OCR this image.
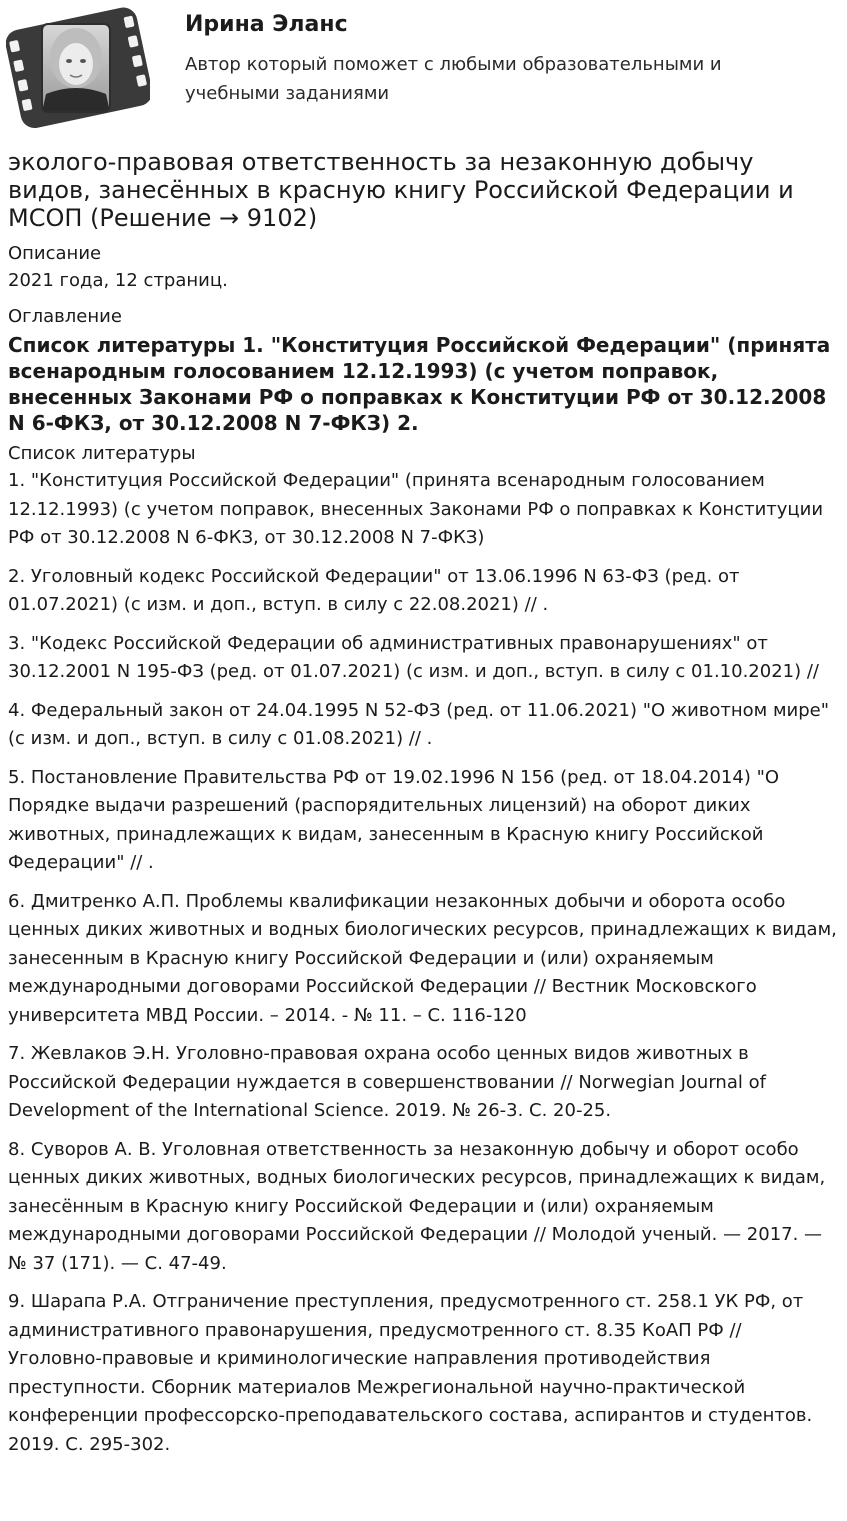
Ирина Эланс
Автор который поможет с любыми образовательными и учебными заданиями
эколого-правовая ответственность за незаконную добычу видов, занесённых в красную книгу Российской Федерации и МСОП (Решение → 9102)
Описание
2021 года, 12 страниц.
Оглавление
Список литературы 1. "Конституция Российской Федерации" (принята всенародным голосованием 12.12.1993) (с учетом поправок, внесенных Законами РФ о поправках к Конституции РФ от 30.12.2008 N 6-ФКЗ, от 30.12.2008 N 7-ФКЗ) 2.
Список литературы
1. "Конституция Российской Федерации" (принята всенародным голосованием 12.12.1993) (с учетом поправок, внесенных Законами РФ о поправках к Конституции РФ от 30.12.2008 N 6-ФКЗ, от 30.12.2008 N 7-ФКЗ)
2. Уголовный кодекс Российской Федерации" от 13.06.1996 N 63-ФЗ (ред. от 01.07.2021) (с изм. и доп., вступ. в силу с 22.08.2021) // .
3. "Кодекс Российской Федерации об административных правонарушениях" от 30.12.2001 N 195-ФЗ (ред. от 01.07.2021) (с изм. и доп., вступ. в силу с 01.10.2021) //
4. Федеральный закон от 24.04.1995 N 52-ФЗ (ред. от 11.06.2021) "О животном мире" (с изм. и доп., вступ. в силу с 01.08.2021) // .
5. Постановление Правительства РФ от 19.02.1996 N 156 (ред. от 18.04.2014) "О Порядке выдачи разрешений (распорядительных лицензий) на оборот диких животных, принадлежащих к видам, занесенным в Красную книгу Российской Федерации" // .
6. Дмитренко А.П. Проблемы квалификации незаконных добычи и оборота особо ценных диких животных и водных биологических ресурсов, принадлежащих к видам, занесенным в Красную книгу Российской Федерации и (или) охраняемым международными договорами Российской Федерации // Вестник Московского университета МВД России. – 2014. - № 11. – С. 116-120
7. Жевлаков Э.Н. Уголовно-правовая охрана особо ценных видов животных в Российской Федерации нуждается в совершенствовании // Norwegian Journal of Development of the International Science. 2019. № 26-3. С. 20-25.
8. Суворов А. В. Уголовная ответственность за незаконную добычу и оборот особо ценных диких животных, водных биологических ресурсов, принадлежащих к видам, занесённым в Красную книгу Российской Федерации и (или) охраняемым международными договорами Российской Федерации // Молодой ученый. — 2017. — № 37 (171). — С. 47-49.
9. Шарапа Р.А. Отграничение преступления, предусмотренного ст. 258.1 УК РФ, от административного правонарушения, предусмотренного ст. 8.35 КоАП РФ // Уголовно-правовые и криминологические направления противодействия преступности. Сборник материалов Межрегиональной научно-практической конференции профессорско-преподавательского состава, аспирантов и студентов. 2019. С. 295-302.
